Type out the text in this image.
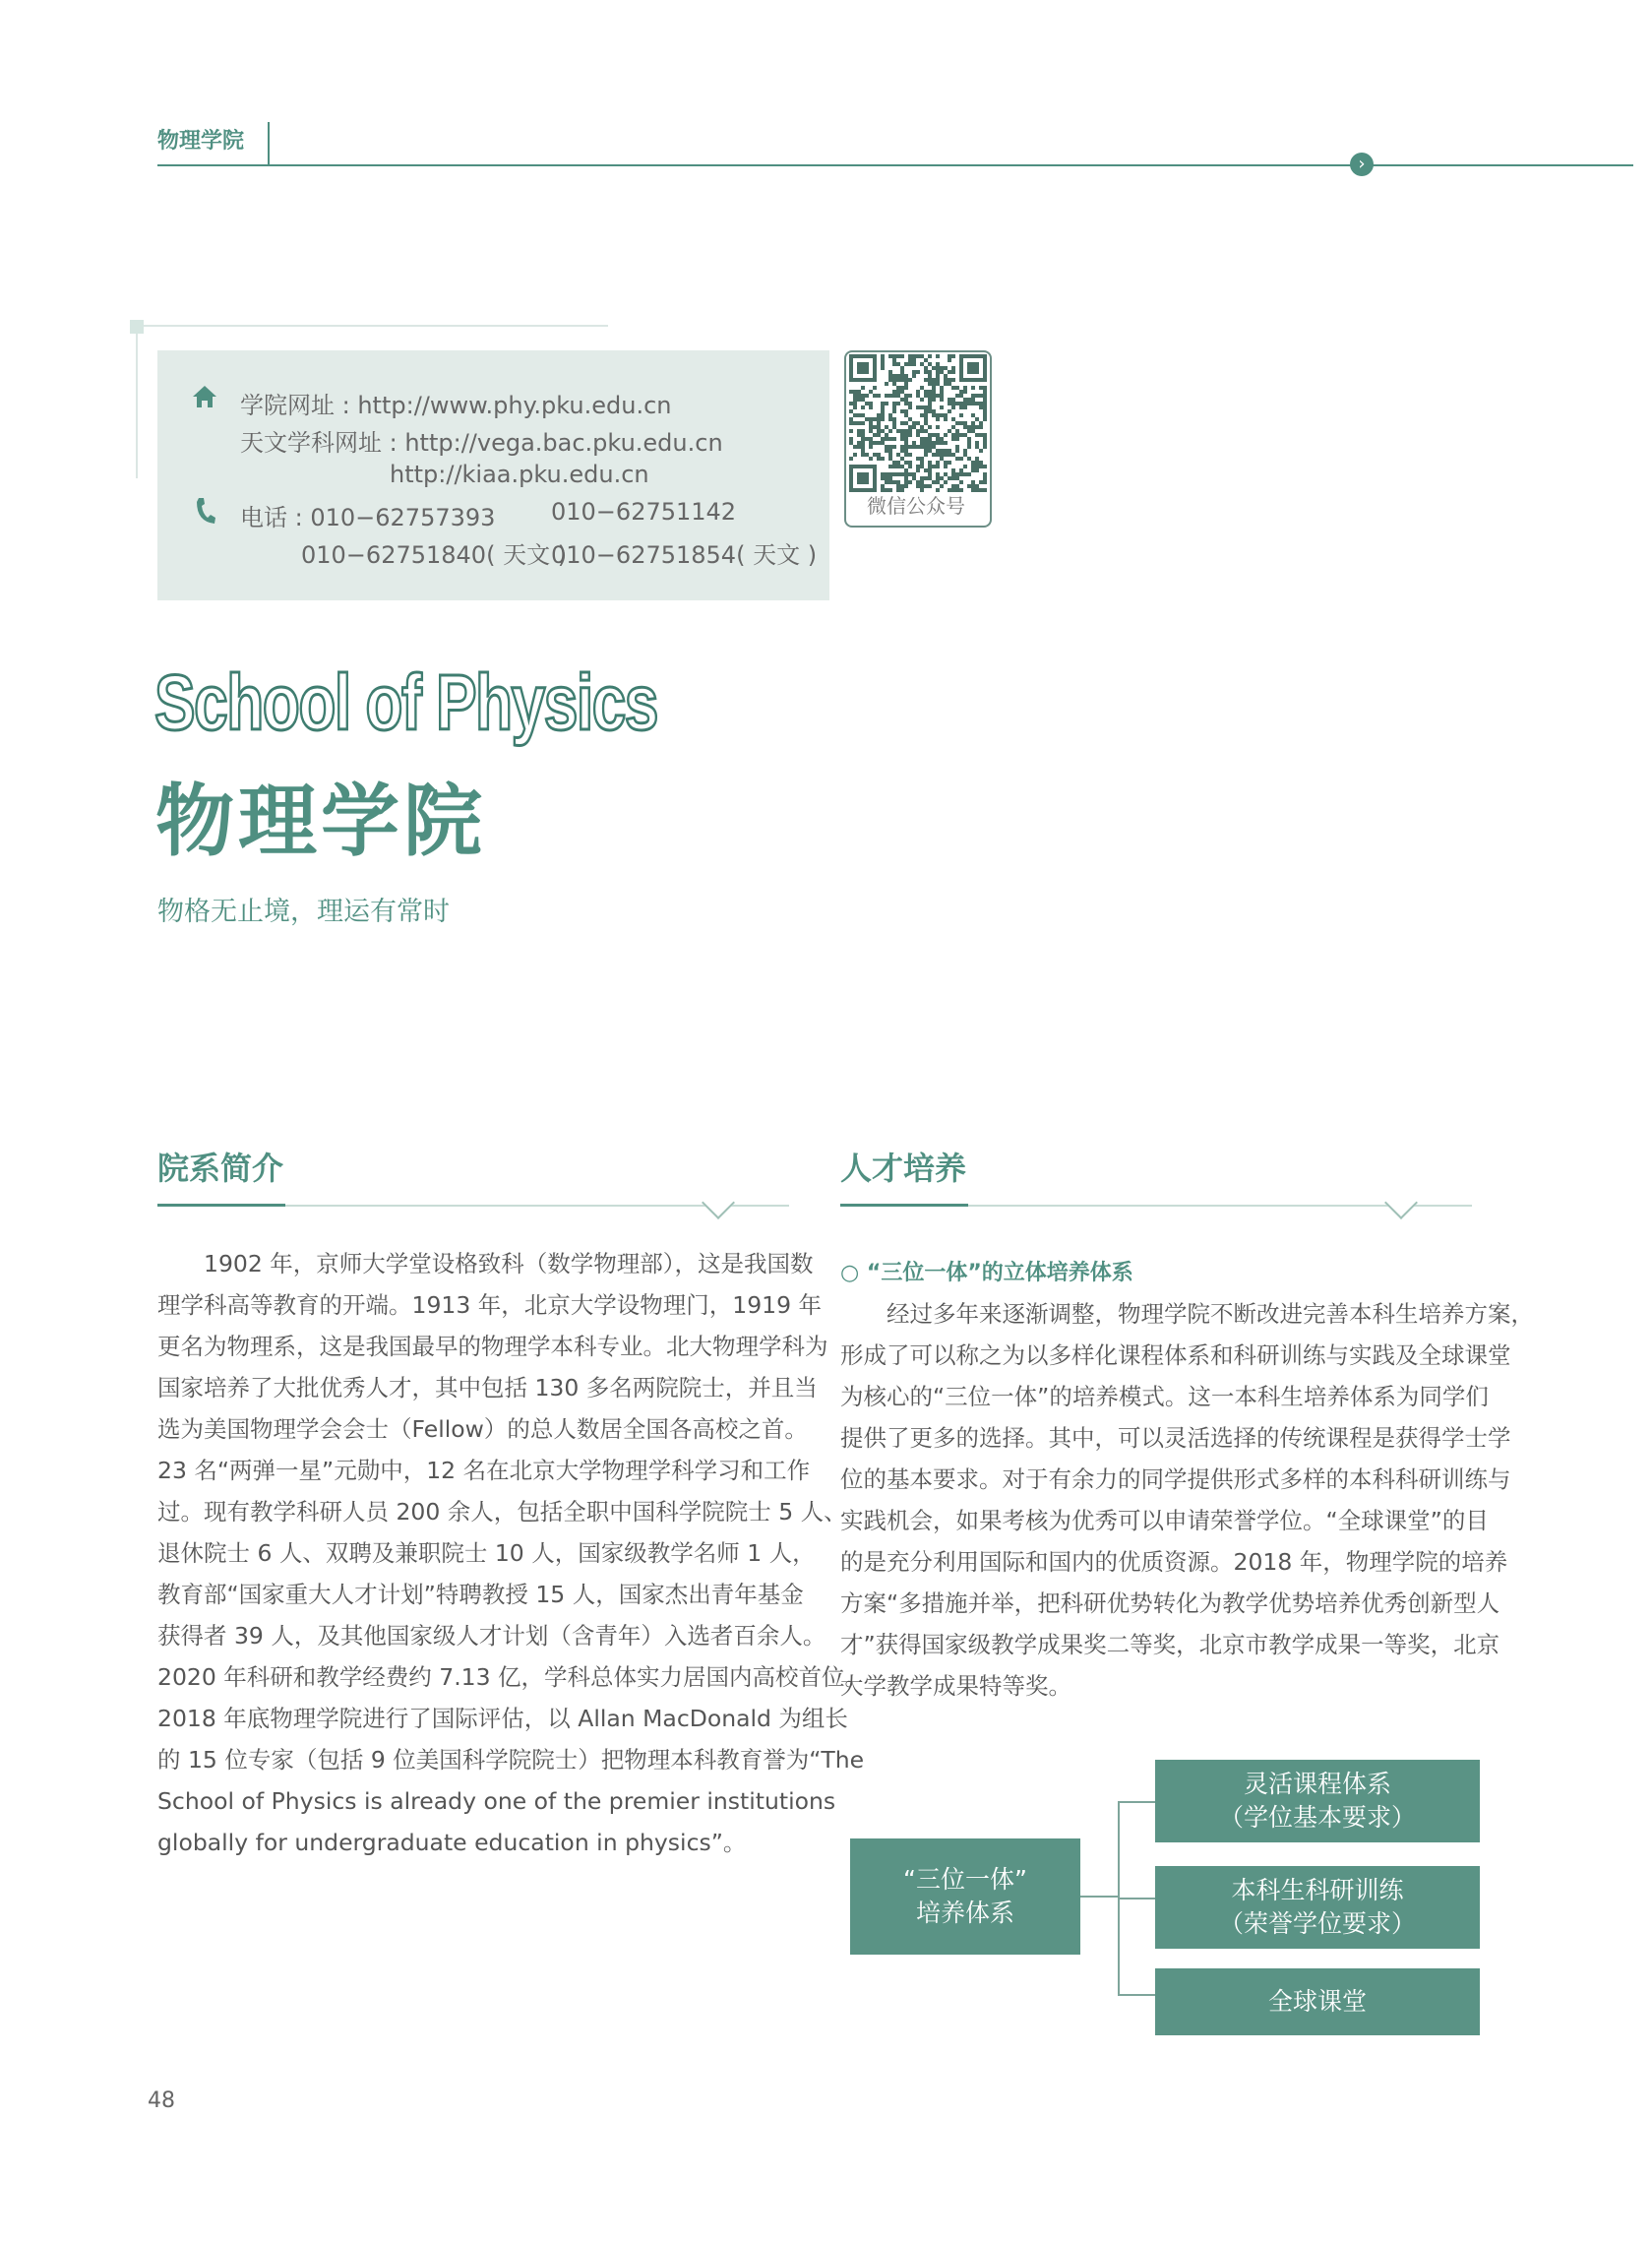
物理学院
›
学院网址 : http://www.phy.pku.edu.cn
天文学科网址 : http://vega.bac.pku.edu.cn
http://kiaa.pku.edu.cn
电话 : 010−62757393 010−62751142
010−62751840( 天文 )
010−62751854( 天文 )
微信公众号
School of Physics
物理学院
物格无止境，理运有常时
院系简介
　　1902 年，京师大学堂设格致科（数学物理部），这是我国数
理学科高等教育的开端。1913 年，北京大学设物理门，1919 年
更名为物理系，这是我国最早的物理学本科专业。北大物理学科为
国家培养了大批优秀人才，其中包括 130 多名两院院士，并且当
选为美国物理学会会士（Fellow）的总人数居全国各高校之首。
23 名“两弹一星”元勋中，12 名在北京大学物理学科学习和工作
过。现有教学科研人员 200 余人，包括全职中国科学院院士 5 人、
退休院士 6 人、双聘及兼职院士 10 人，国家级教学名师 1 人，
教育部“国家重大人才计划”特聘教授 15 人，国家杰出青年基金
获得者 39 人，及其他国家级人才计划（含青年）入选者百余人。
2020 年科研和教学经费约 7.13 亿，学科总体实力居国内高校首位。
2018 年底物理学院进行了国际评估，以 Allan MacDonald 为组长
的 15 位专家（包括 9 位美国科学院院士）把物理本科教育誉为“The
School of Physics is already one of the premier institutions
globally for undergraduate education in physics”。
人才培养
○ “三位一体”的立体培养体系
　　经过多年来逐渐调整，物理学院不断改进完善本科生培养方案，
形成了可以称之为以多样化课程体系和科研训练与实践及全球课堂
为核心的“三位一体”的培养模式。这一本科生培养体系为同学们
提供了更多的选择。其中，可以灵活选择的传统课程是获得学士学
位的基本要求。对于有余力的同学提供形式多样的本科科研训练与
实践机会，如果考核为优秀可以申请荣誉学位。“全球课堂”的目
的是充分利用国际和国内的优质资源。2018 年，物理学院的培养
方案“多措施并举，把科研优势转化为教学优势培养优秀创新型人
才”获得国家级教学成果奖二等奖，北京市教学成果一等奖，北京
大学教学成果特等奖。
“三位一体”
培养体系
灵活课程体系
（学位基本要求）
本科生科研训练
（荣誉学位要求）
全球课堂
48
